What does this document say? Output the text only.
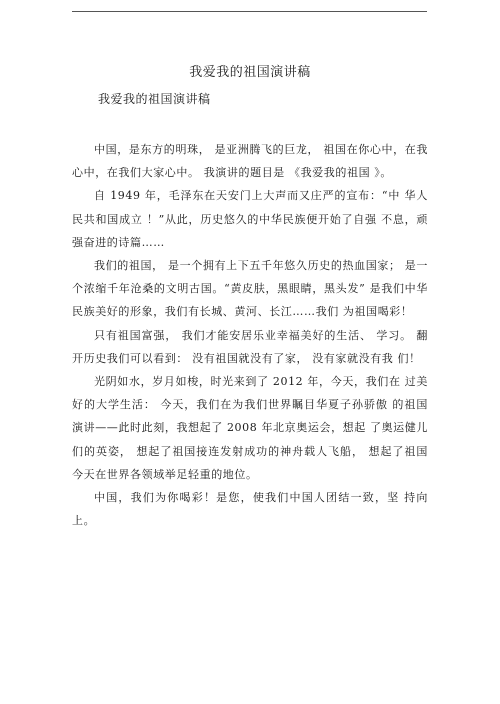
我爱我的祖国演讲稿
我爱我的祖国演讲稿

中国，是东方的明珠， 是亚洲腾飞的巨龙， 祖国在你心中，在我心中，在我们大家心中。 我演讲的题目是 《我爱我的祖国 》。

自 1949 年，毛泽东在天安门上大声而又庄严的宣布：“中 华人民共和国成立 ！”从此，历史悠久的中华民族便开始了自强 不息，顽强奋进的诗篇……

我们的祖国， 是一个拥有上下五千年悠久历史的热血国家； 是一个浓缩千年沧桑的文明古国。“黄皮肤，黑眼睛，黑头发” 是我们中华民族美好的形象，我们有长城、黄河、长江……我们 为祖国喝彩！

只有祖国富强， 我们才能安居乐业幸福美好的生活、 学习。 翻开历史我们可以看到： 没有祖国就没有了家， 没有家就没有我 们！

光阴如水，岁月如梭，时光来到了 2012 年，今天，我们在 过美好的大学生活： 今天，我们在为我们世界瞩目华夏子孙骄傲 的祖国演讲——此时此刻，我想起了 2008 年北京奥运会，想起 了奥运健儿们的英姿， 想起了祖国接连发射成功的神舟载人飞船， 想起了祖国今天在世界各领域举足轻重的地位。

中国，我们为你喝彩！是您，使我们中国人团结一致，坚 持向上。
